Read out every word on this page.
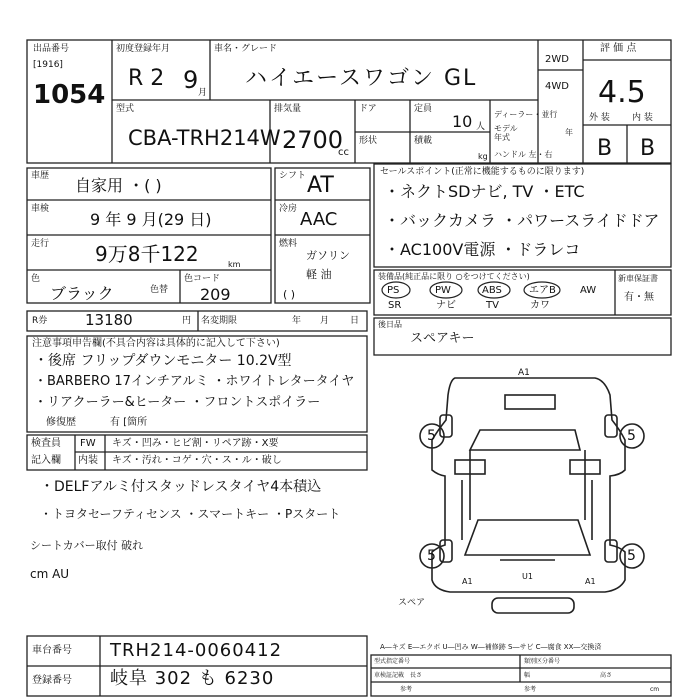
出品番号
[1916]
1054
初度登録年月
R 2 9 月
車名・グレード
ハイエースワゴン GL
2WD
4WD
評 価 点
4.5
外 装 内 装
B B
型式
CBA-TRH214W
排気量
2700
cc
ドア
形状
定員
10 人
積載
kg
ディーラー・並行
モデル
年式
年
ハンドル 左・右
車歴 自家用 ・( )
車検
9 年 9 月(29 日)
走行 9万8千122	km
色
ブラック	色替
色コード
209
シフト AT
冷房 AAC
燃料
ガソリン
軽 油
( )
セールスポイント(正常に機能するものに限ります)
・ネクトSDナビ, TV ・ETC
・バックカメラ ・パワースライドドア
・AC100V電源 ・ドラレコ
装備品(純正品に限り ○をつけてください)
PS	PW	ABS	エアB AW
SR	ナビ	TV	カワ
新車保証書
有・無
R券	13180	円 名変期限	年 月 日 後日品
スペアキー
注意事項申告欄(不具合内容は具体的に記入して下さい)
・後席 フリップダウンモニター 10.2V型
・BARBERO 17インチアルミ ・ホワイトレタータイヤ
・リアクーラー&ヒーター ・フロントスポイラー
修復歴	有 [箇所
検査員
記入欄
FW キズ・凹み・ヒビ割・リペア跡・X要
内装 キズ・汚れ・コゲ・穴・ス・ル・破し
・DELFアルミ付スタッドレスタイヤ4本積込
・トヨタセーフティセンス ・スマートキー ・Pスタート
シートカバー取付 破れ
cm AU
A1
5	5
5	5
A1
U1
A1
スペア
A―キズ E―エクボ U―凹み W―補修跡 S―サビ C―腐食 XX―交換済
車台番号 TRH214-0060412
登録番号 岐阜 302 も 6230
型式指定番号	類別区分番号
車検証記載 長さ	幅	高さ
参考	参考	cm
